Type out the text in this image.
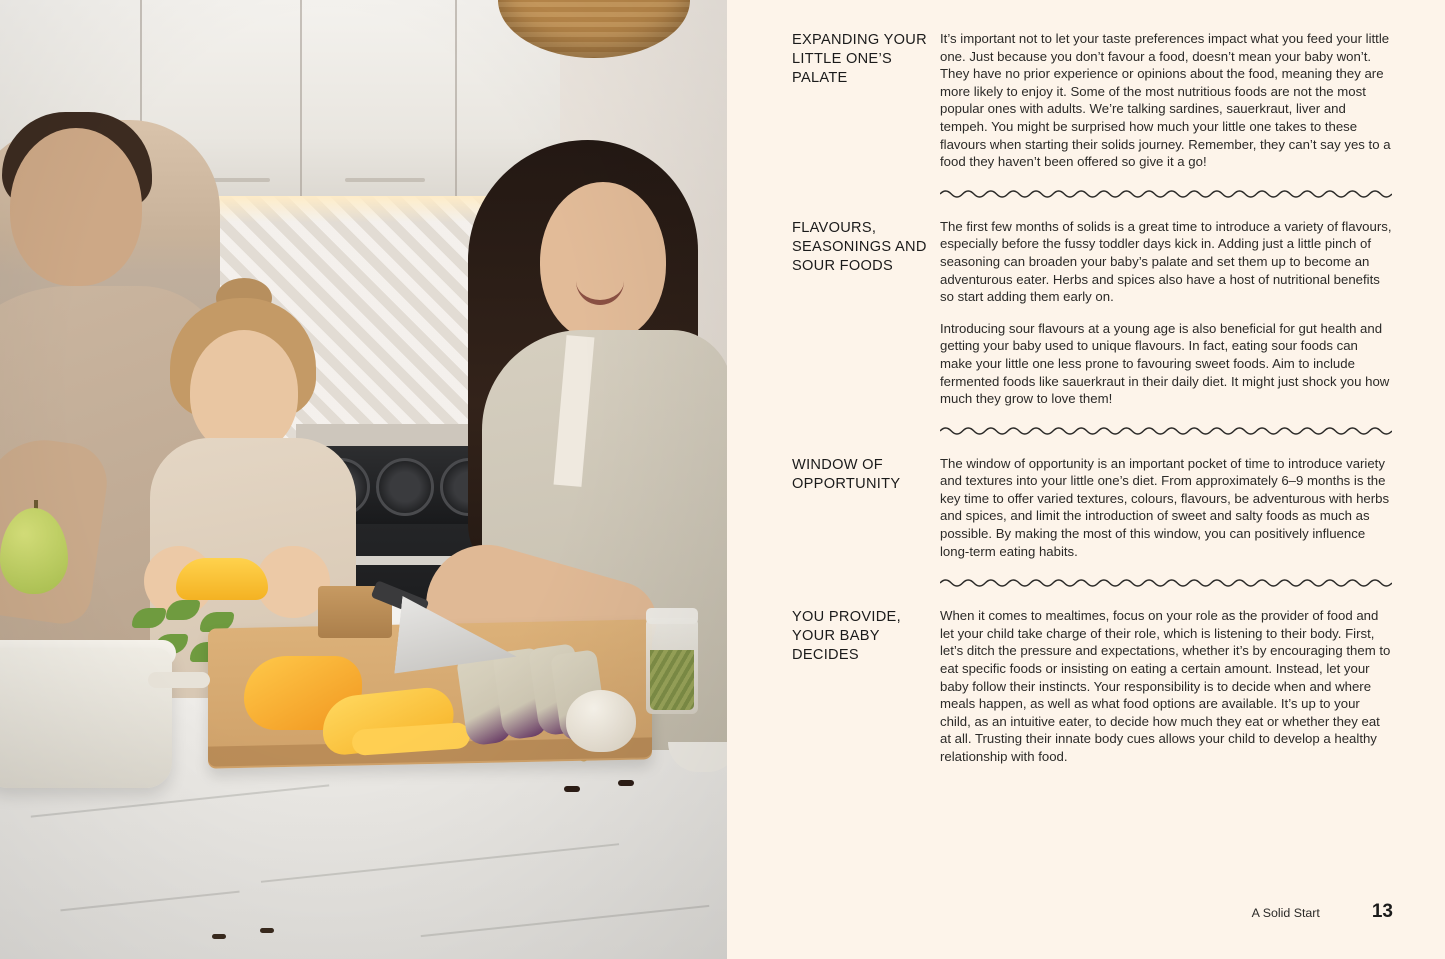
EXPANDING YOUR LITTLE ONE’S PALATE

It’s important not to let your taste preferences impact what you feed your little one. Just because you don’t favour a food, doesn’t mean your baby won’t. They have no prior experience or opinions about the food, meaning they are more likely to enjoy it. Some of the most nutritious foods are not the most popular ones with adults. We’re talking sardines, sauerkraut, liver and tempeh. You might be surprised how much your little one takes to these flavours when starting their solids journey. Remember, they can’t say yes to a food they haven’t been offered so give it a go!

FLAVOURS, SEASONINGS AND SOUR FOODS

The first few months of solids is a great time to introduce a variety of flavours, especially before the fussy toddler days kick in. Adding just a little pinch of seasoning can broaden your baby’s palate and set them up to become an adventurous eater. Herbs and spices also have a host of nutritional benefits so start adding them early on.

Introducing sour flavours at a young age is also beneficial for gut health and getting your baby used to unique flavours. In fact, eating sour foods can make your little one less prone to favouring sweet foods. Aim to include fermented foods like sauerkraut in their daily diet. It might just shock you how much they grow to love them!

WINDOW OF OPPORTUNITY

The window of opportunity is an important pocket of time to introduce variety and textures into your little one’s diet. From approximately 6–9 months is the key time to offer varied textures, colours, flavours, be adventurous with herbs and spices, and limit the introduction of sweet and salty foods as much as possible. By making the most of this window, you can positively influence long-term eating habits.

YOU PROVIDE, YOUR BABY DECIDES

When it comes to mealtimes, focus on your role as the provider of food and let your child take charge of their role, which is listening to their body. First, let’s ditch the pressure and expectations, whether it’s by encouraging them to eat specific foods or insisting on eating a certain amount. Instead, let your baby follow their instincts. Your responsibility is to decide when and where meals happen, as well as what food options are available. It’s up to your child, as an intuitive eater, to decide how much they eat or whether they eat at all. Trusting their innate body cues allows your child to develop a healthy relationship with food.

A Solid Start	13
